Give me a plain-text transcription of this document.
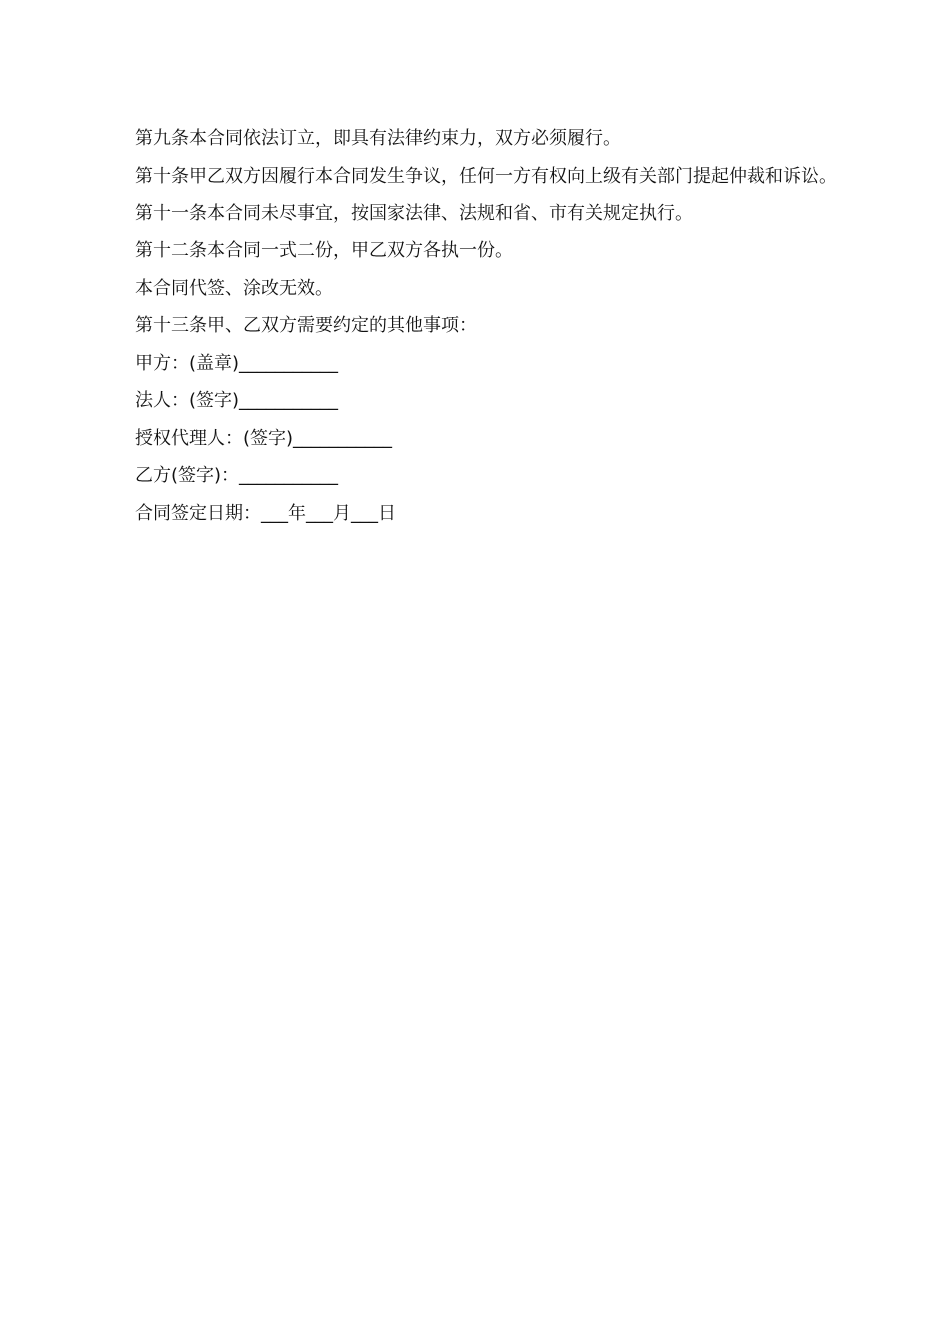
第九条本合同依法订立，即具有法律约束力，双方必须履行。

第十条甲乙双方因履行本合同发生争议，任何一方有权向上级有关部门提起仲裁和诉讼。

第十一条本合同未尽事宜，按国家法律、法规和省、市有关规定执行。

第十二条本合同一式二份，甲乙双方各执一份。

本合同代签、涂改无效。

第十三条甲、乙双方需要约定的其他事项：

甲方：(盖章)___________

法人：(签字)___________

授权代理人：(签字)___________

乙方(签字)：___________

合同签定日期：___年___月___日
